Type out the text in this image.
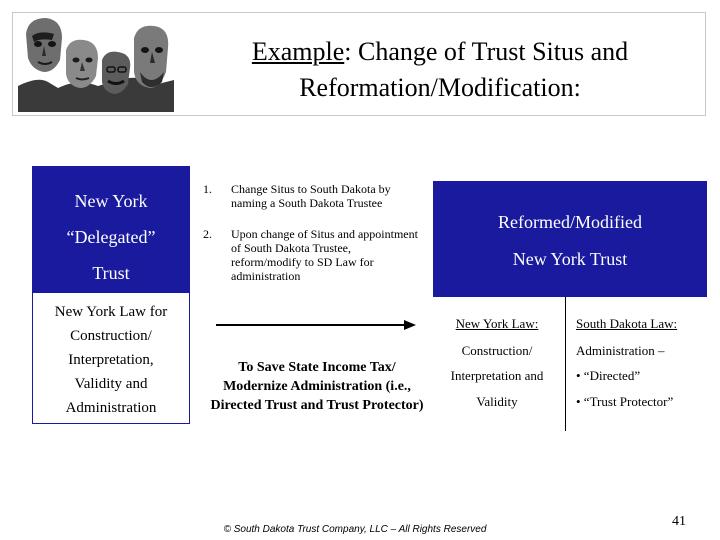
Example: Change of Trust Situs and
Reformation/Modification:
New York
“Delegated”
Trust
New York Law for
Construction/
Interpretation,
Validity and
Administration
1. Change Situs to South Dakota by naming a South Dakota Trustee
2. Upon change of Situs and appointment of South Dakota Trustee, reform/modify to SD Law for administration
To Save State Income Tax/ Modernize Administration (i.e., Directed Trust and Trust Protector)
Reformed/Modified
New York Trust
New York Law:	South Dakota Law:
Construction/
Interpretation and
Validity
Administration –
• “Directed”
• “Trust Protector”
© South Dakota Trust Company, LLC – All Rights Reserved
41
